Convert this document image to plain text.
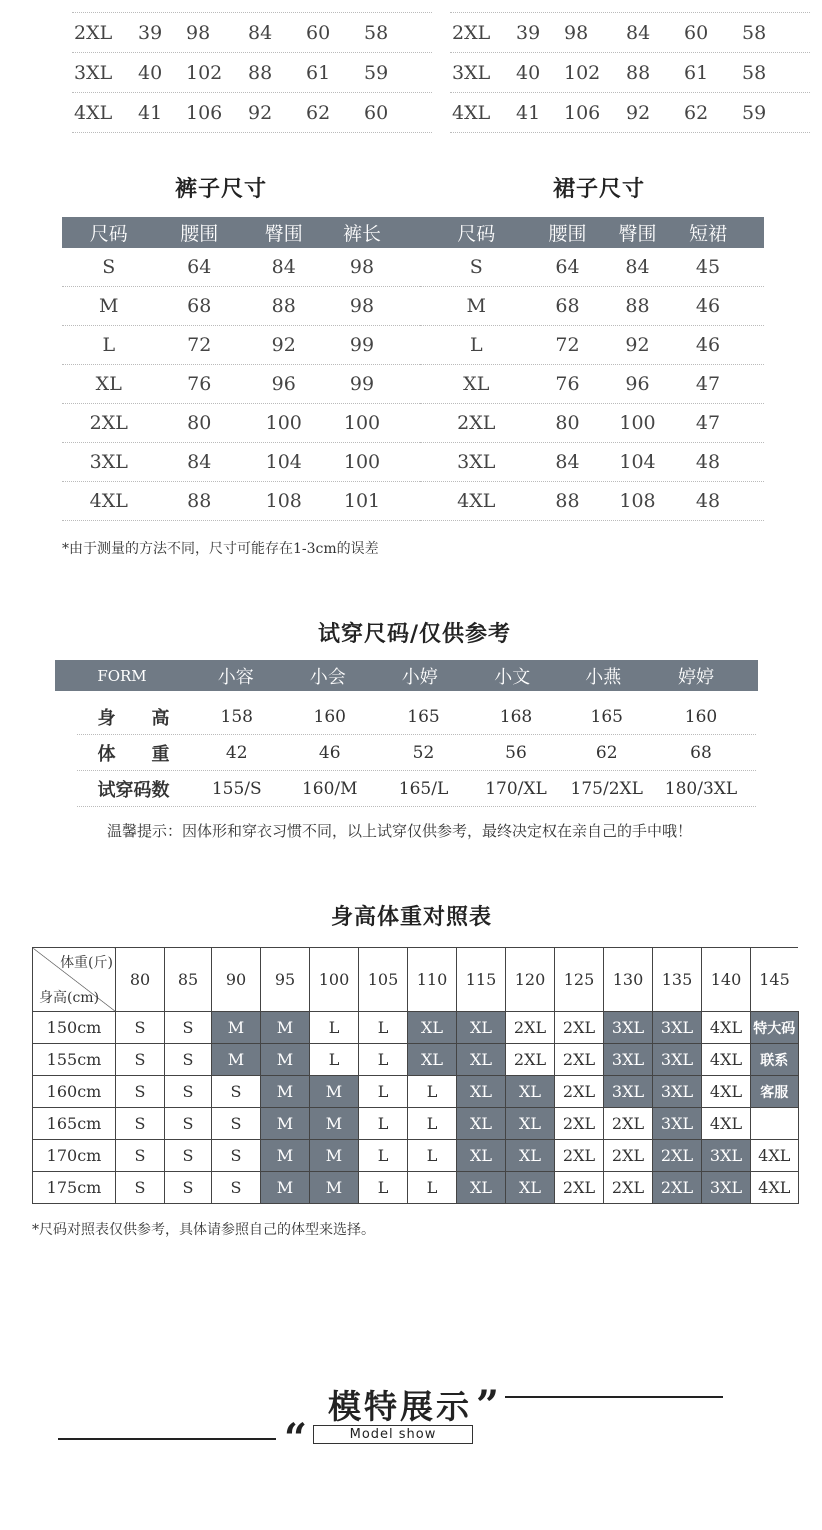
2XL	39	98	84	60	58
3XL	40	102	88	61	59
4XL	41	106	92	62	60
2XL	39	98	84	60	58
3XL	40	102	88	61	58
4XL	41	106	92	62	59
裤子尺寸	裙子尺寸
尺码	腰围	臀围	裤长
S	64	84	98
M	68	88	98
L	72	92	99
XL	76	96	99
2XL	80	100	100
3XL	84	104	100
4XL	88	108	101
尺码	腰围	臀围	短裙
S	64	84	45
M	68	88	46
L	72	92	46
XL	76	96	47
2XL	80	100	47
3XL	84	104	48
4XL	88	108	48
*由于测量的方法不同，尺寸可能存在1-3cm的误差
试穿尺码/仅供参考
FORM	小容	小会	小婷	小文	小燕	婷婷
身　　高	158	160	165	168	165	160
体　　重	42	46	52	56	62	68
试穿码数	155/S	160/M	165/L	170/XL	175/2XL	180/3XL
温馨提示：因体形和穿衣习惯不同，以上试穿仅供参考，最终决定权在亲自己的手中哦！
身高体重对照表
体重(斤)
身高(cm)	80	85	90	95	100	105	110	115	120	125	130	135	140	145
150cm	S	S	M	M	L	L	XL	XL	2XL	2XL	3XL	3XL	4XL	特大码
155cm	S	S	M	M	L	L	XL	XL	2XL	2XL	3XL	3XL	4XL	联系
160cm	S	S	S	M	M	L	L	XL	XL	2XL	3XL	3XL	4XL	客服
165cm	S	S	S	M	M	L	L	XL	XL	2XL	2XL	3XL	4XL	
170cm	S	S	S	M	M	L	L	XL	XL	2XL	2XL	2XL	3XL	4XL
175cm	S	S	S	M	M	L	L	XL	XL	2XL	2XL	2XL	3XL	4XL
*尺码对照表仅供参考，具体请参照自己的体型来选择。
模特展示 ”
“	Model show
